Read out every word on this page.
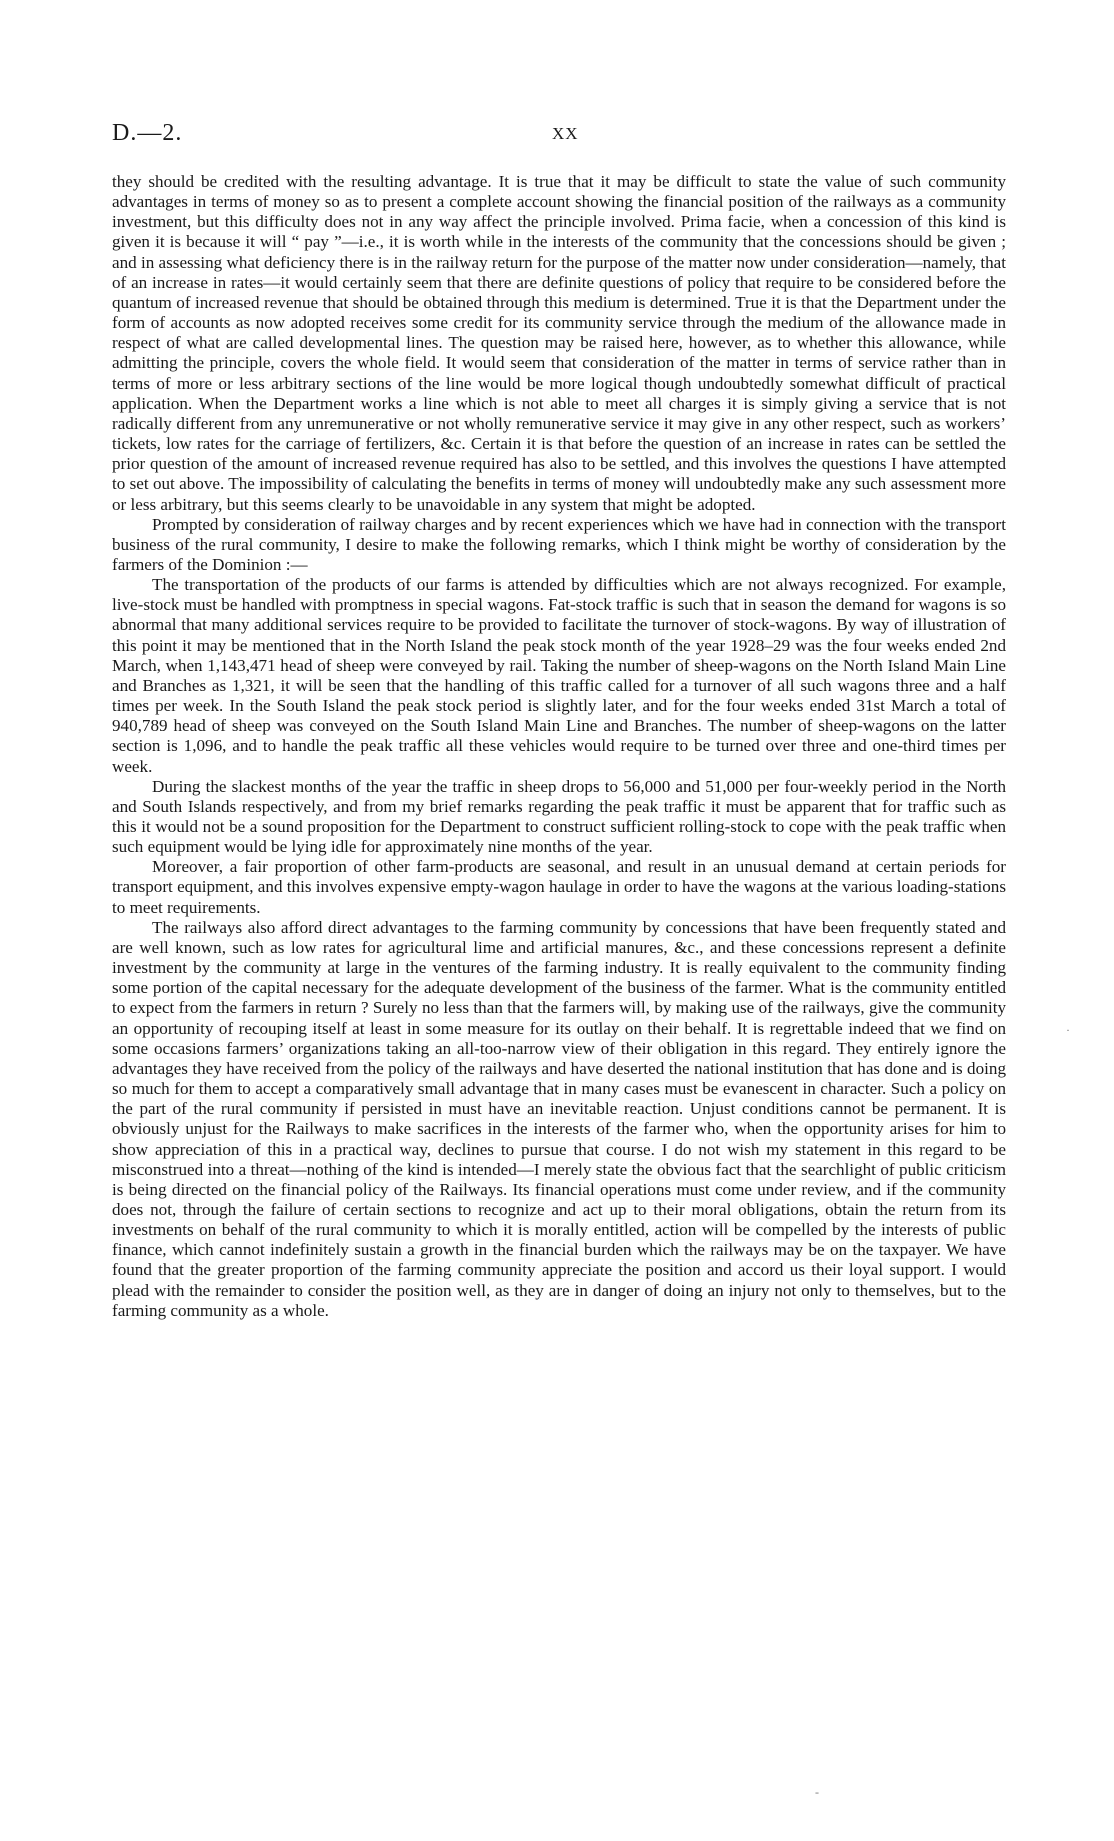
D.—2.	XX

they should be credited with the resulting advantage. It is true that it may be difficult to state the value of such community advantages in terms of money so as to present a complete account showing the financial position of the railways as a community investment, but this difficulty does not in any way affect the principle involved. Prima facie, when a concession of this kind is given it is because it will “ pay ”—i.e., it is worth while in the interests of the community that the concessions should be given ; and in assessing what deficiency there is in the railway return for the purpose of the matter now under consideration—namely, that of an increase in rates—it would certainly seem that there are definite questions of policy that require to be considered before the quantum of increased revenue that should be obtained through this medium is determined. True it is that the Department under the form of accounts as now adopted receives some credit for its community service through the medium of the allowance made in respect of what are called developmental lines. The question may be raised here, however, as to whether this allowance, while admitting the principle, covers the whole field. It would seem that consideration of the matter in terms of service rather than in terms of more or less arbitrary sections of the line would be more logical though undoubtedly somewhat difficult of practical application. When the Department works a line which is not able to meet all charges it is simply giving a service that is not radically different from any unremunerative or not wholly remunerative service it may give in any other respect, such as workers’ tickets, low rates for the carriage of fertilizers, &c. Certain it is that before the question of an increase in rates can be settled the prior question of the amount of increased revenue required has also to be settled, and this involves the questions I have attempted to set out above. The impossibility of calculating the benefits in terms of money will undoubtedly make any such assessment more or less arbitrary, but this seems clearly to be unavoidable in any system that might be adopted.

Prompted by consideration of railway charges and by recent experiences which we have had in connection with the transport business of the rural community, I desire to make the following remarks, which I think might be worthy of consideration by the farmers of the Dominion :—

The transportation of the products of our farms is attended by difficulties which are not always recognized. For example, live-stock must be handled with promptness in special wagons. Fat-stock traffic is such that in season the demand for wagons is so abnormal that many additional services require to be provided to facilitate the turnover of stock-wagons. By way of illustration of this point it may be mentioned that in the North Island the peak stock month of the year 1928–29 was the four weeks ended 2nd March, when 1,143,471 head of sheep were conveyed by rail. Taking the number of sheep-wagons on the North Island Main Line and Branches as 1,321, it will be seen that the handling of this traffic called for a turnover of all such wagons three and a half times per week. In the South Island the peak stock period is slightly later, and for the four weeks ended 31st March a total of 940,789 head of sheep was conveyed on the South Island Main Line and Branches. The number of sheep-wagons on the latter section is 1,096, and to handle the peak traffic all these vehicles would require to be turned over three and one-third times per week.

During the slackest months of the year the traffic in sheep drops to 56,000 and 51,000 per four-weekly period in the North and South Islands respectively, and from my brief remarks regarding the peak traffic it must be apparent that for traffic such as this it would not be a sound proposition for the Department to construct sufficient rolling-stock to cope with the peak traffic when such equipment would be lying idle for approximately nine months of the year.

Moreover, a fair proportion of other farm-products are seasonal, and result in an unusual demand at certain periods for transport equipment, and this involves expensive empty-wagon haulage in order to have the wagons at the various loading-stations to meet requirements.

The railways also afford direct advantages to the farming community by concessions that have been frequently stated and are well known, such as low rates for agricultural lime and artificial manures, &c., and these concessions represent a definite investment by the community at large in the ventures of the farming industry. It is really equivalent to the community finding some portion of the capital necessary for the adequate development of the business of the farmer. What is the community entitled to expect from the farmers in return ? Surely no less than that the farmers will, by making use of the railways, give the community an opportunity of recouping itself at least in some measure for its outlay on their behalf. It is regrettable indeed that we find on some occasions farmers’ organizations taking an all-too-narrow view of their obligation in this regard. They entirely ignore the advantages they have received from the policy of the railways and have deserted the national institution that has done and is doing so much for them to accept a comparatively small advantage that in many cases must be evanescent in character. Such a policy on the part of the rural community if persisted in must have an inevitable reaction. Unjust conditions cannot be permanent. It is obviously unjust for the Railways to make sacrifices in the interests of the farmer who, when the opportunity arises for him to show appreciation of this in a practical way, declines to pursue that course. I do not wish my statement in this regard to be misconstrued into a threat—nothing of the kind is intended—I merely state the obvious fact that the searchlight of public criticism is being directed on the financial policy of the Railways. Its financial operations must come under review, and if the community does not, through the failure of certain sections to recognize and act up to their moral obligations, obtain the return from its investments on behalf of the rural community to which it is morally entitled, action will be compelled by the interests of public finance, which cannot indefinitely sustain a growth in the financial burden which the railways may be on the taxpayer. We have found that the greater proportion of the farming community appreciate the position and accord us their loyal support. I would plead with the remainder to consider the position well, as they are in danger of doing an injury not only to themselves, but to the farming community as a whole.

·
-
